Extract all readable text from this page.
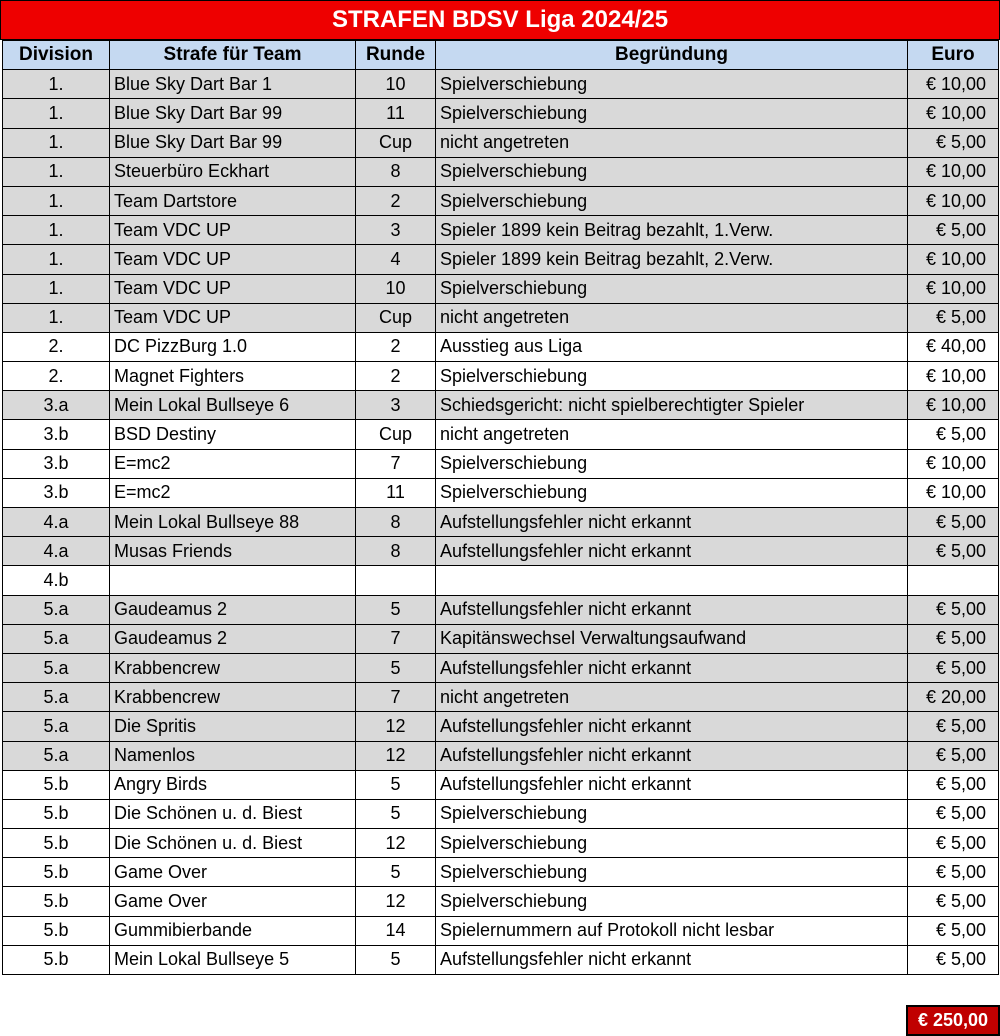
STRAFEN BDSV Liga 2024/25
Division	Strafe für Team	Runde	Begründung	Euro
1.	Blue Sky Dart Bar 1	10	Spielverschiebung	€ 10,00
1.	Blue Sky Dart Bar 99	11	Spielverschiebung	€ 10,00
1.	Blue Sky Dart Bar 99	Cup	nicht angetreten	€ 5,00
1.	Steuerbüro Eckhart	8	Spielverschiebung	€ 10,00
1.	Team Dartstore	2	Spielverschiebung	€ 10,00
1.	Team VDC UP	3	Spieler 1899 kein Beitrag bezahlt, 1.Verw.	€ 5,00
1.	Team VDC UP	4	Spieler 1899 kein Beitrag bezahlt, 2.Verw.	€ 10,00
1.	Team VDC UP	10	Spielverschiebung	€ 10,00
1.	Team VDC UP	Cup	nicht angetreten	€ 5,00
2.	DC PizzBurg 1.0	2	Ausstieg aus Liga	€ 40,00
2.	Magnet Fighters	2	Spielverschiebung	€ 10,00
3.a	Mein Lokal Bullseye 6	3	Schiedsgericht: nicht spielberechtigter Spieler	€ 10,00
3.b	BSD Destiny	Cup	nicht angetreten	€ 5,00
3.b	E=mc2	7	Spielverschiebung	€ 10,00
3.b	E=mc2	11	Spielverschiebung	€ 10,00
4.a	Mein Lokal Bullseye 88	8	Aufstellungsfehler nicht erkannt	€ 5,00
4.a	Musas Friends	8	Aufstellungsfehler nicht erkannt	€ 5,00
4.b				
5.a	Gaudeamus 2	5	Aufstellungsfehler nicht erkannt	€ 5,00
5.a	Gaudeamus 2	7	Kapitänswechsel Verwaltungsaufwand	€ 5,00
5.a	Krabbencrew	5	Aufstellungsfehler nicht erkannt	€ 5,00
5.a	Krabbencrew	7	nicht angetreten	€ 20,00
5.a	Die Spritis	12	Aufstellungsfehler nicht erkannt	€ 5,00
5.a	Namenlos	12	Aufstellungsfehler nicht erkannt	€ 5,00
5.b	Angry Birds	5	Aufstellungsfehler nicht erkannt	€ 5,00
5.b	Die Schönen u. d. Biest	5	Spielverschiebung	€ 5,00
5.b	Die Schönen u. d. Biest	12	Spielverschiebung	€ 5,00
5.b	Game Over	5	Spielverschiebung	€ 5,00
5.b	Game Over	12	Spielverschiebung	€ 5,00
5.b	Gummibierbande	14	Spielernummern auf Protokoll nicht lesbar	€ 5,00
5.b	Mein Lokal Bullseye 5	5	Aufstellungsfehler nicht erkannt	€ 5,00
€ 250,00
